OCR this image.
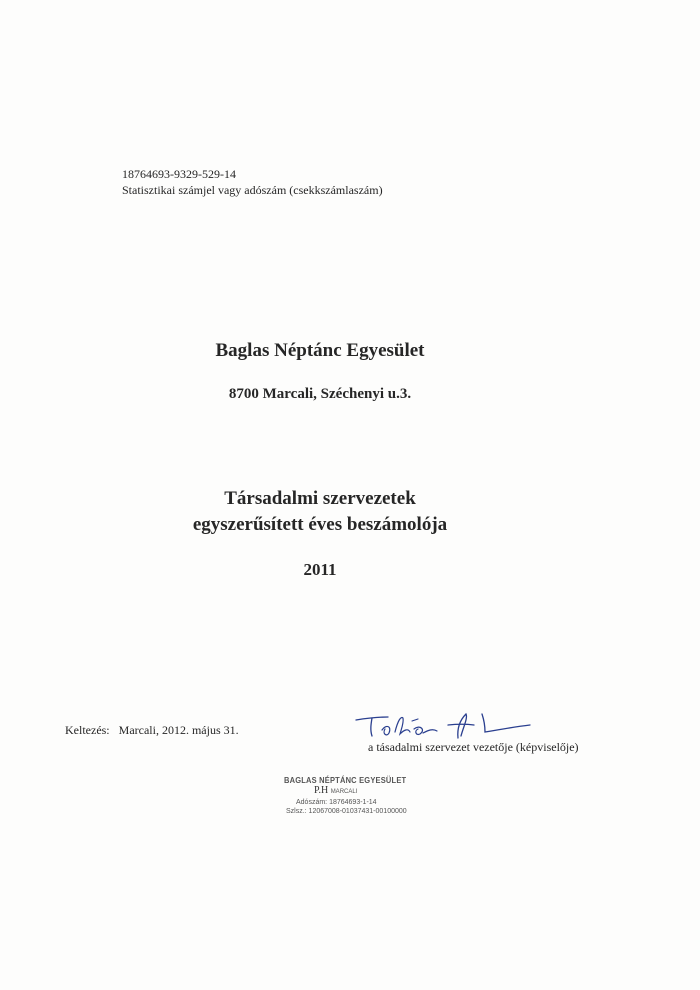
18764693-9329-529-14
Statisztikai számjel vagy adószám (csekkszámlaszám)
Baglas Néptánc Egyesület
8700 Marcali, Széchenyi u.3.
Társadalmi szervezetek
egyszerűsített éves beszámolója
2011
Keltezés: Marcali, 2012. május 31.
a tásadalmi szervezet vezetője (képviselője)
BAGLAS NÉPTÁNC EGYESÜLET
P.H MARCALI
Adószám: 18764693-1-14
Szlsz.: 12067008-01037431-00100000
